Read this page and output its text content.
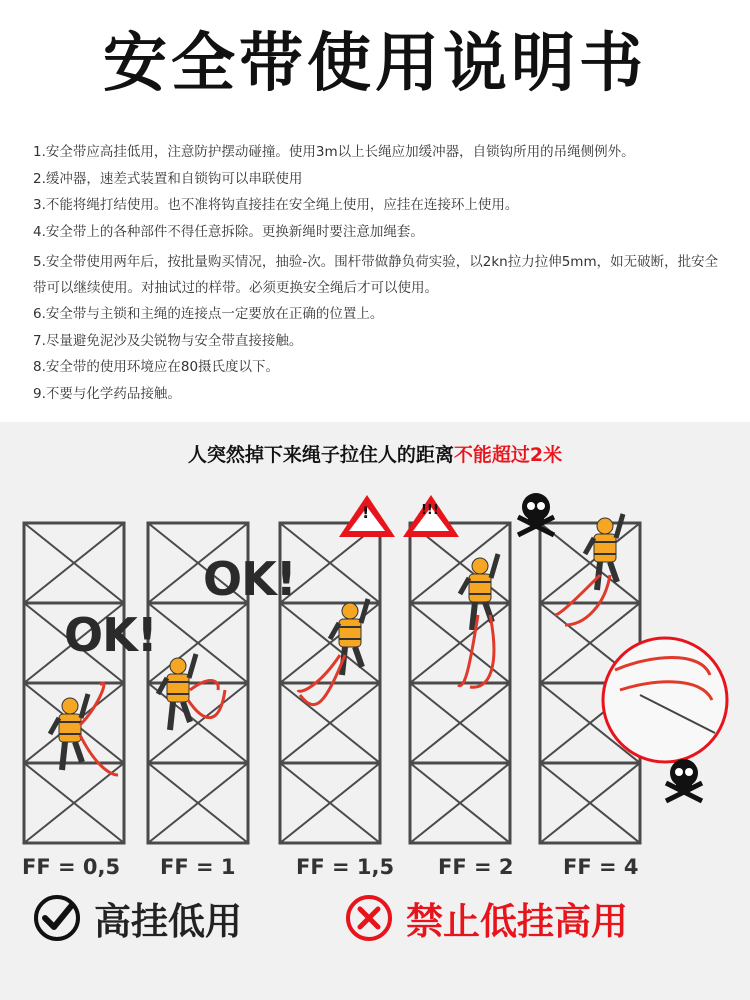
安全带使用说明书
1.安全带应高挂低用，注意防护摆动碰撞。使用3m以上长绳应加缓冲器，自锁钩所用的吊绳侧例外。
2.缓冲器，速差式装置和自锁钩可以串联使用
3.不能将绳打结使用。也不准将钩直接挂在安全绳上使用，应挂在连接环上使用。
4.安全带上的各种部件不得任意拆除。更换新绳时要注意加绳套。
5.安全带使用两年后，按批量购买情况，抽验-次。围杆带做静负荷实验，以2kn拉力拉伸5mm，如无破断，批安全带可以继续使用。对抽试过的样带。必须更换安全绳后才可以使用。
6.安全带与主锁和主绳的连接点一定要放在正确的位置上。
7.尽量避免泥沙及尖锐物与安全带直接接触。
8.安全带的使用环境应在80摄氏度以下。
9.不要与化学药品接触。
人突然掉下来绳子拉住人的距离不能超过2米
!	!!!
OK!
OK!
FF = 0,5 FF = 1	FF = 1,5 FF = 2 FF = 4
高挂低用	禁止低挂高用
